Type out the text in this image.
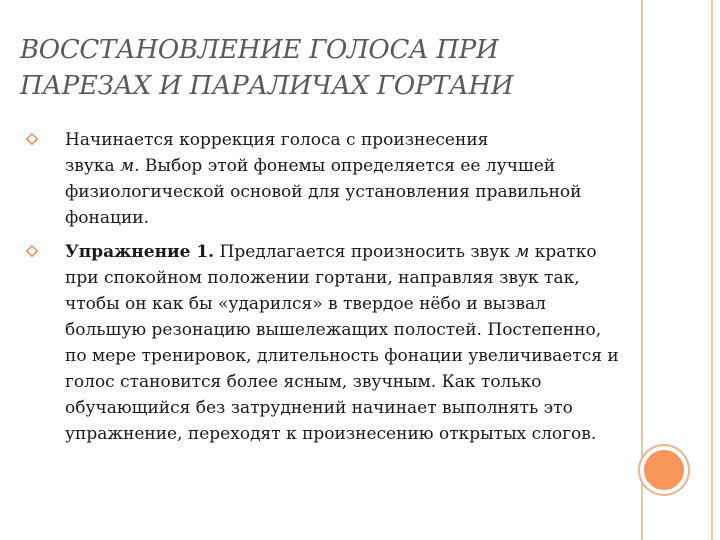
ВОССТАНОВЛЕНИЕ ГОЛОСА ПРИ
ПАРЕЗАХ И ПАРАЛИЧАХ ГОРТАНИ
Начинается коррекция голоса с произнесения
звука м. Выбор этой фонемы определяется ее лучшей физиологической основой для установления правильной фонации.
Упражнение 1. Предлагается произносить звук м кратко при спокойном положении гортани, направляя звук так, чтобы он как бы «ударился» в твердое нёбо и вызвал большую резонацию вышележащих полостей. Постепенно, по мере тренировок, длительность фонации увеличивается и голос становится более ясным, звучным. Как только обучающийся без затруднений начинает выполнять это упражнение, переходят к произнесению открытых слогов.
